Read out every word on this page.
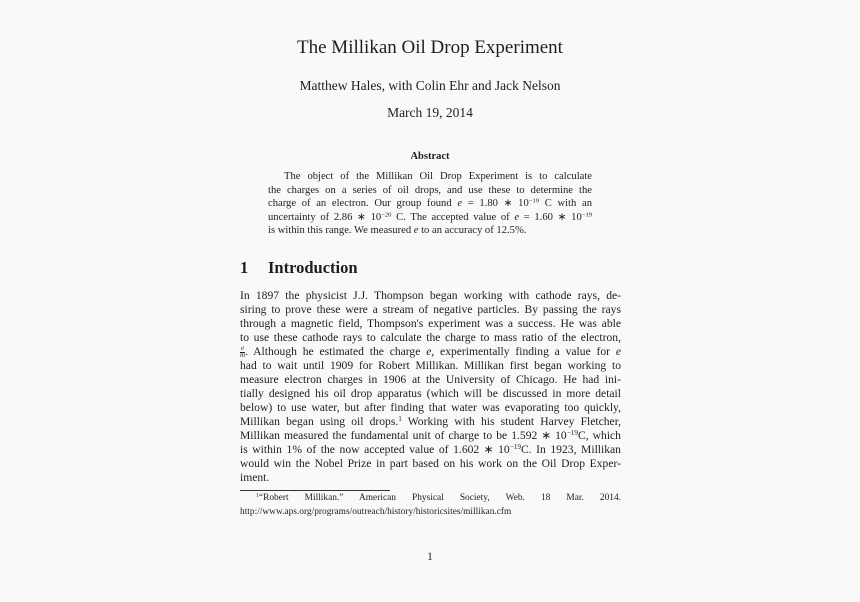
The Millikan Oil Drop Experiment
Matthew Hales, with Colin Ehr and Jack Nelson
March 19, 2014
Abstract
The object of the Millikan Oil Drop Experiment is to calculate
the charges on a series of oil drops, and use these to determine the
charge of an electron. Our group found e = 1.80 ∗ $10^{-19}$ C with an
uncertainty of 2.86 ∗ $10^{-20}$ C. The accepted value of e = 1.60 ∗ $10^{-19}$
is within this range. We measured e to an accuracy of 12.5%.
1 Introduction
In 1897 the physicist J.J. Thompson began working with cathode rays, de-
siring to prove these were a stream of negative particles. By passing the rays
through a magnetic field, Thompson's experiment was a success. He was able
to use these cathode rays to calculate the charge to mass ratio of the electron,
$\frac{e}{m}$ . Although he estimated the charge e, experimentally finding a value for e
had to wait until 1909 for Robert Millikan. Millikan first began working to
measure electron charges in 1906 at the University of Chicago. He had ini-
tially designed his oil drop apparatus (which will be discussed in more detail
below) to use water, but after finding that water was evaporating too quickly,
Millikan began using oil drops.$^1$ Working with his student Harvey Fletcher,
Millikan measured the fundamental unit of charge to be 1.592 ∗ $10^{-19}C$, which
is within 1% of the now accepted value of 1.602 ∗ $10^{-19}C$. In 1923, Millikan
would win the Nobel Prize in part based on his work on the Oil Drop Exper-
iment.
$^1$“Robert Millikan.” American Physical Society, Web. 18 Mar. 2014.
http://www.aps.org/programs/outreach/history/historicsites/millikan.cfm
1
